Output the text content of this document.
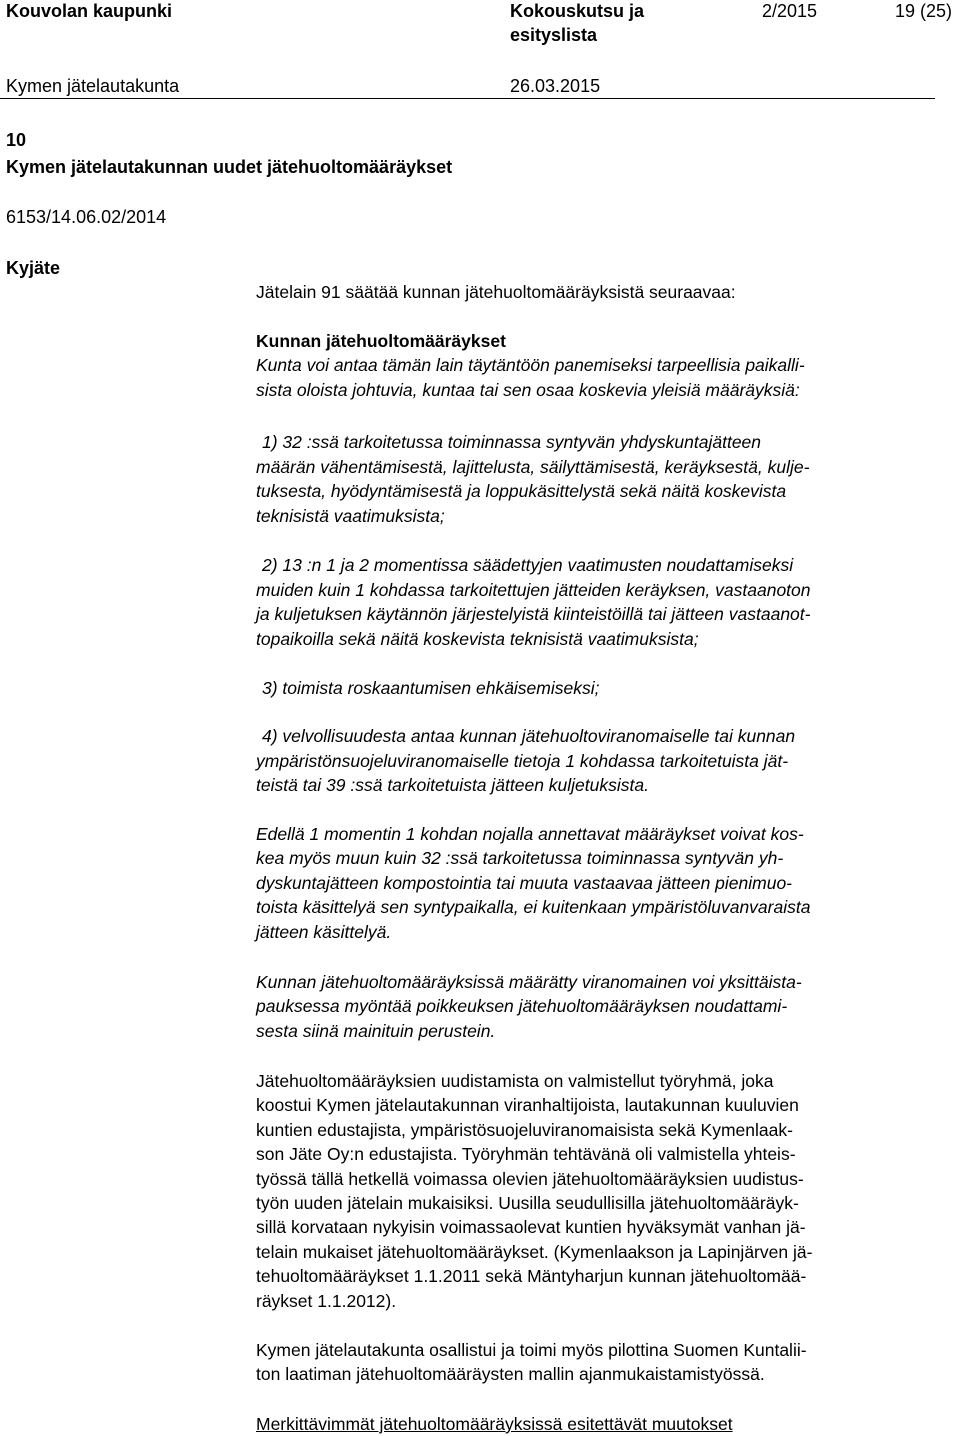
Kouvolan kaupunki	Kokouskutsu ja
esityslista
2/2015	19 (25)
Kymen jätelautakunta	26.03.2015
10
Kymen jätelautakunnan uudet jätehuoltomääräykset
6153/14.06.02/2014
Kyjäte
Jätelain 91 säätää kunnan jätehuoltomääräyksistä seuraavaa:
Kunnan jätehuoltomääräykset
Kunta voi antaa tämän lain täytäntöön panemiseksi tarpeellisia paikalli-
sista oloista johtuvia, kuntaa tai sen osaa koskevia yleisiä määräyksiä:
1) 32 :ssä tarkoitetussa toiminnassa syntyvän yhdyskuntajätteen
määrän vähentämisestä, lajittelusta, säilyttämisestä, keräyksestä, kulje-
tuksesta, hyödyntämisestä ja loppukäsittelystä sekä näitä koskevista
teknisistä vaatimuksista;
2) 13 :n 1 ja 2 momentissa säädettyjen vaatimusten noudattamiseksi
muiden kuin 1 kohdassa tarkoitettujen jätteiden keräyksen, vastaanoton
ja kuljetuksen käytännön järjestelyistä kiinteistöillä tai jätteen vastaanot-
topaikoilla sekä näitä koskevista teknisistä vaatimuksista;
3) toimista roskaantumisen ehkäisemiseksi;
4) velvollisuudesta antaa kunnan jätehuoltoviranomaiselle tai kunnan
ympäristönsuojeluviranomaiselle tietoja 1 kohdassa tarkoitetuista jät-
teistä tai 39 :ssä tarkoitetuista jätteen kuljetuksista.
Edellä 1 momentin 1 kohdan nojalla annettavat määräykset voivat kos-
kea myös muun kuin 32 :ssä tarkoitetussa toiminnassa syntyvän yh-
dyskuntajätteen kompostointia tai muuta vastaavaa jätteen pienimuo-
toista käsittelyä sen syntypaikalla, ei kuitenkaan ympäristöluvanvaraista
jätteen käsittelyä.
Kunnan jätehuoltomääräyksissä määrätty viranomainen voi yksittäista-
pauksessa myöntää poikkeuksen jätehuoltomääräyksen noudattami-
sesta siinä mainituin perustein.
Jätehuoltomääräyksien uudistamista on valmistellut työryhmä, joka
koostui Kymen jätelautakunnan viranhaltijoista, lautakunnan kuuluvien
kuntien edustajista, ympäristösuojeluviranomaisista sekä Kymenlaak-
son Jäte Oy:n edustajista. Työryhmän tehtävänä oli valmistella yhteis-
työssä tällä hetkellä voimassa olevien jätehuoltomääräyksien uudistus-
työn uuden jätelain mukaisiksi. Uusilla seudullisilla jätehuoltomääräyk-
sillä korvataan nykyisin voimassaolevat kuntien hyväksymät vanhan jä-
telain mukaiset jätehuoltomääräykset. (Kymenlaakson ja Lapinjärven jä-
tehuoltomääräykset 1.1.2011 sekä Mäntyharjun kunnan jätehuoltomää-
räykset 1.1.2012).
Kymen jätelautakunta osallistui ja toimi myös pilottina Suomen Kuntalii-
ton laatiman jätehuoltomääräysten mallin ajanmukaistamistyössä.
Merkittävimmät jätehuoltomääräyksissä esitettävät muutokset
